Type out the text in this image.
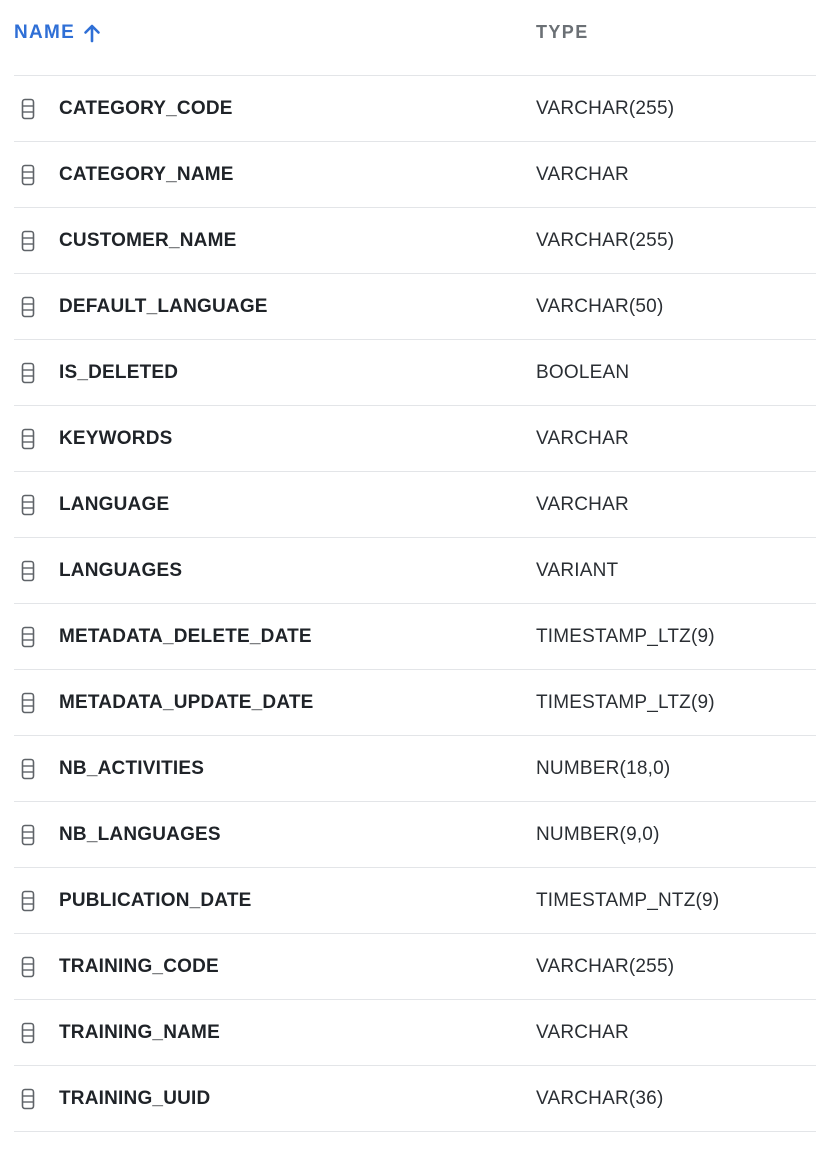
NAME	TYPE
CATEGORY_CODE	VARCHAR(255)
CATEGORY_NAME	VARCHAR
CUSTOMER_NAME	VARCHAR(255)
DEFAULT_LANGUAGE	VARCHAR(50)
IS_DELETED	BOOLEAN
KEYWORDS	VARCHAR
LANGUAGE	VARCHAR
LANGUAGES	VARIANT
METADATA_DELETE_DATE	TIMESTAMP_LTZ(9)
METADATA_UPDATE_DATE	TIMESTAMP_LTZ(9)
NB_ACTIVITIES	NUMBER(18,0)
NB_LANGUAGES	NUMBER(9,0)
PUBLICATION_DATE	TIMESTAMP_NTZ(9)
TRAINING_CODE	VARCHAR(255)
TRAINING_NAME	VARCHAR
TRAINING_UUID	VARCHAR(36)
